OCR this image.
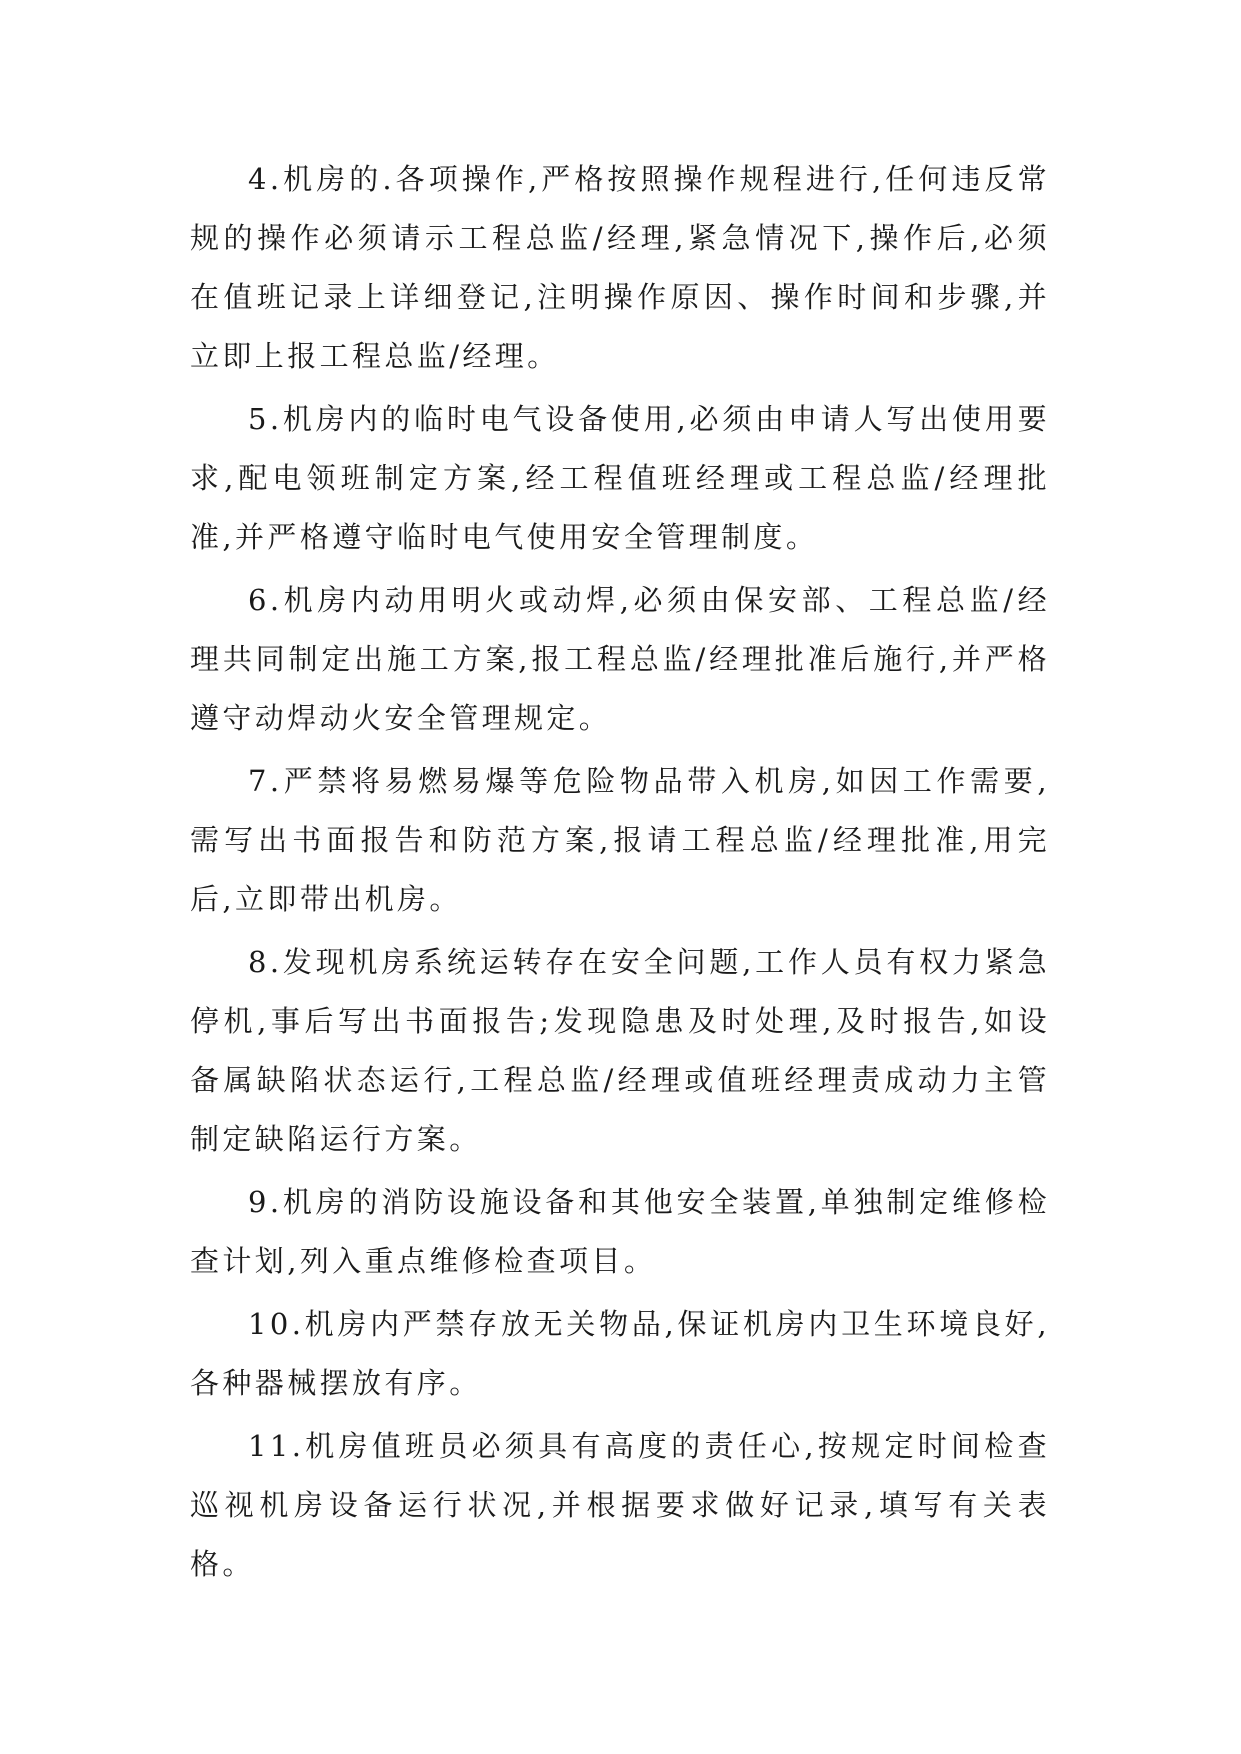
4.机房的.各项操作,严格按照操作规程进行,任何违反常规的操作必须请示工程总监/经理,紧急情况下,操作后,必须在值班记录上详细登记,注明操作原因、操作时间和步骤,并立即上报工程总监/经理。

5.机房内的临时电气设备使用,必须由申请人写出使用要求,配电领班制定方案,经工程值班经理或工程总监/经理批准,并严格遵守临时电气使用安全管理制度。

6.机房内动用明火或动焊,必须由保安部、工程总监/经理共同制定出施工方案,报工程总监/经理批准后施行,并严格遵守动焊动火安全管理规定。

7.严禁将易燃易爆等危险物品带入机房,如因工作需要,需写出书面报告和防范方案,报请工程总监/经理批准,用完后,立即带出机房。

8.发现机房系统运转存在安全问题,工作人员有权力紧急停机,事后写出书面报告;发现隐患及时处理,及时报告,如设备属缺陷状态运行,工程总监/经理或值班经理责成动力主管制定缺陷运行方案。

9.机房的消防设施设备和其他安全装置,单独制定维修检查计划,列入重点维修检查项目。

10.机房内严禁存放无关物品,保证机房内卫生环境良好,各种器械摆放有序。

11.机房值班员必须具有高度的责任心,按规定时间检查巡视机房设备运行状况,并根据要求做好记录,填写有关表格。
